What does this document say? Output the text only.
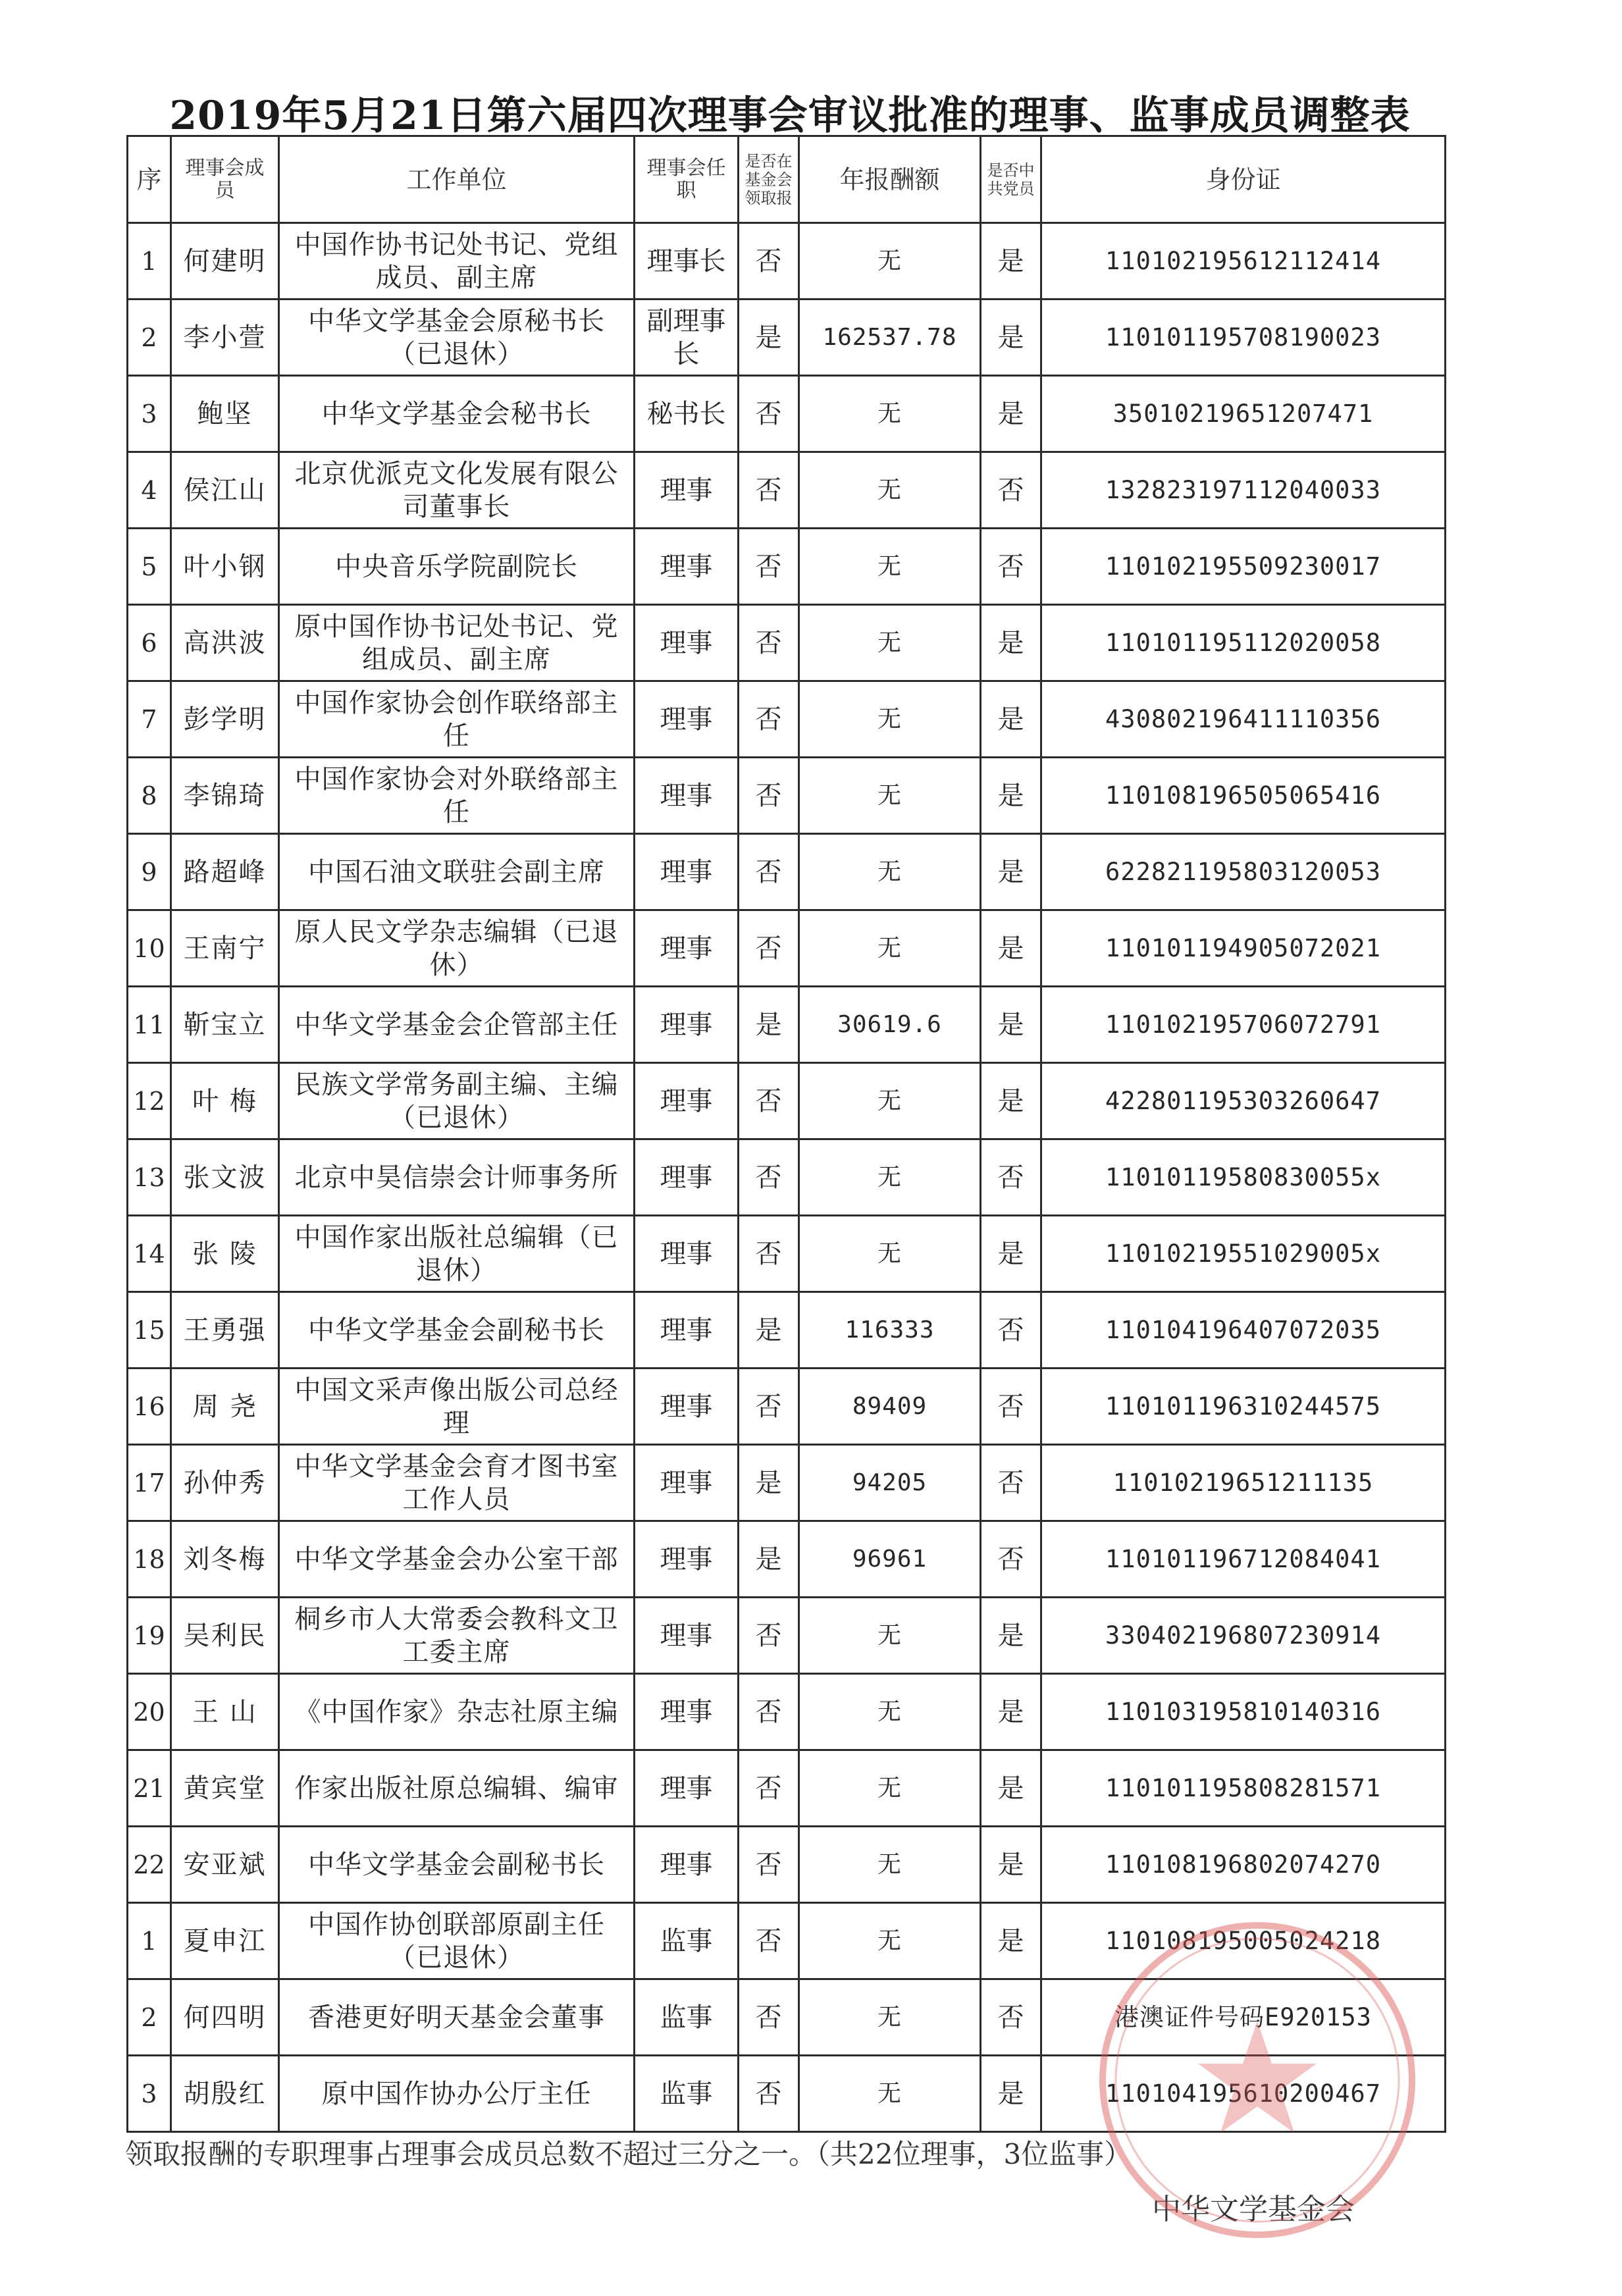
2019年5月21日第六届四次理事会审议批准的理事、监事成员调整表
序	理事会成员	工作单位	理事会任职	是否在基金会领取报	年报酬额	是否中共党员	身份证
1	何建明	中国作协书记处书记、党组成员、副主席	理事长	否	无	是	110102195612112414
2	李小萱	中华文学基金会原秘书长（已退休）	副理事长	是	162537.78	是	110101195708190023
3	鲍坚	中华文学基金会秘书长	秘书长	否	无	是	350102196512074​71
4	侯江山	北京优派克文化发展有限公司董事长	理事	否	无	否	132823197112040033
5	叶小钢	中央音乐学院副院长	理事	否	无	否	110102195509230017
6	高洪波	原中国作协书记处书记、党组成员、副主席	理事	否	无	是	110101195112020058
7	彭学明	中国作家协会创作联络部主任	理事	否	无	是	430802196411110356
8	李锦琦	中国作家协会对外联络部主任	理事	否	无	是	110108196505065416
9	路超峰	中国石油文联驻会副主席	理事	否	无	是	622821195803120053
10	王南宁	原人民文学杂志编辑（已退休）	理事	否	无	是	110101194905072021
11	靳宝立	中华文学基金会企管部主任	理事	是	30619.6	是	110102195706072791
12	叶 梅	民族文学常务副主编、主编（已退休）	理事	否	无	是	422801195303260647
13	张文波	北京中昊信崇会计师事务所	理事	否	无	否	11010119580830055x
14	张 陵	中国作家出版社总编辑（已退休）	理事	否	无	是	11010219551029005x
15	王勇强	中华文学基金会副秘书长	理事	是	116333	否	110104196407072035
16	周 尧	中国文采声像出版公司总经理	理事	否	89409	否	110101196310244575
17	孙仲秀	中华文学基金会育才图书室工作人员	理事	是	94205	否	110102196512111​35
18	刘冬梅	中华文学基金会办公室干部	理事	是	96961	否	110101196712084041
19	吴利民	桐乡市人大常委会教科文卫工委主席	理事	否	无	是	330402196807230914
20	王 山	《中国作家》杂志社原主编	理事	否	无	是	110103195810140316
21	黄宾堂	作家出版社原总编辑、编审	理事	否	无	是	110101195808281571
22	安亚斌	中华文学基金会副秘书长	理事	否	无	是	110108196802074270
1	夏申江	中国作协创联部原副主任（已退休）	监事	否	无	是	110108195005024218
2	何四明	香港更好明天基金会董事	监事	否	无	否	港澳证件号码E920153
3	胡殷红	原中国作协办公厅主任	监事	否	无	是	110104195610200467
领取报酬的专职理事占理事会成员总数不超过三分之一。（共22位理事，3位监事）
中华文学基金会
